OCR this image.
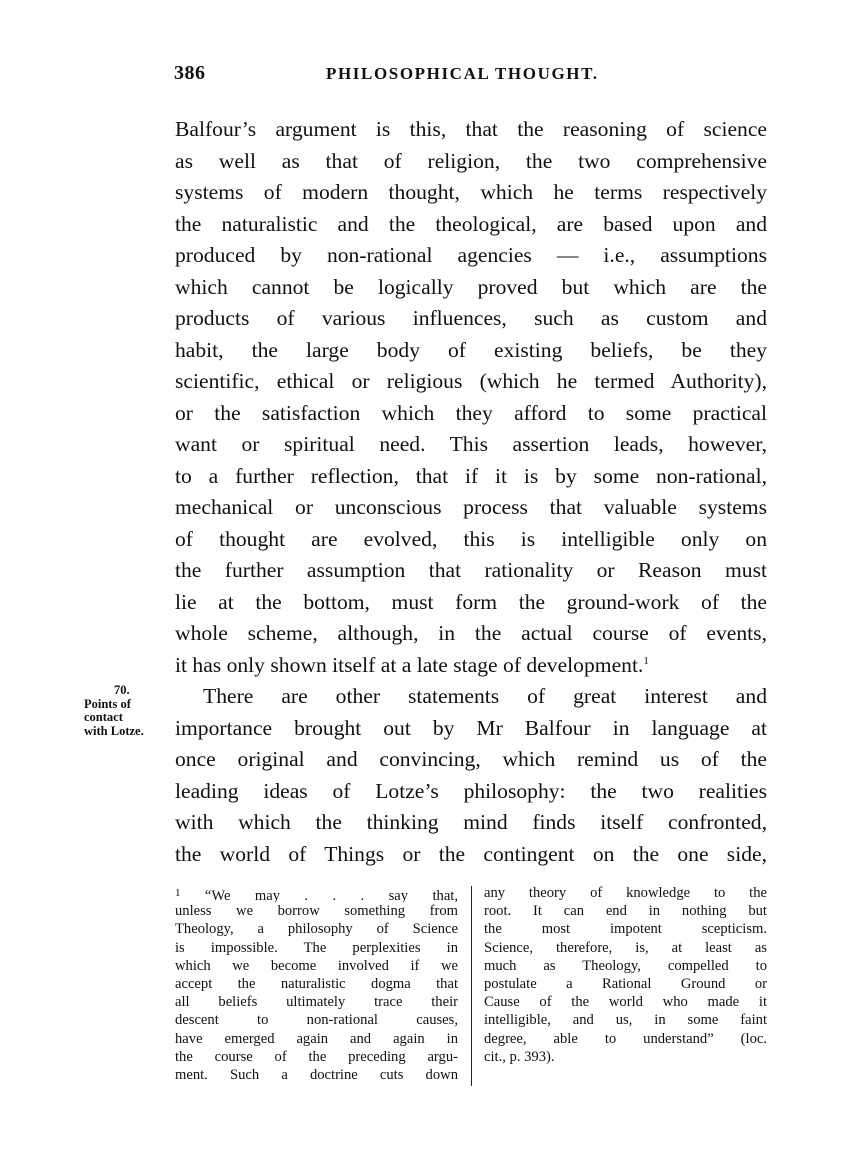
386	PHILOSOPHICAL THOUGHT.
Balfour’s argument is this, that the reasoning of science
as well as that of religion, the two comprehensive
systems of modern thought, which he terms respectively
the naturalistic and the theological, are based upon and
produced by non-rational agencies — i.e., assumptions
which cannot be logically proved but which are the
products of various influences, such as custom and
habit, the large body of existing beliefs, be they
scientific, ethical or religious (which he termed Authority),
or the satisfaction which they afford to some practical
want or spiritual need. This assertion leads, however,
to a further reflection, that if it is by some non-rational,
mechanical or unconscious process that valuable systems
of thought are evolved, this is intelligible only on
the further assumption that rationality or Reason must
lie at the bottom, must form the ground-work of the
whole scheme, although, in the actual course of events,
it has only shown itself at a late stage of development.$^1$
There are other statements of great interest and
importance brought out by Mr Balfour in language at
once original and convincing, which remind us of the
leading ideas of Lotze’s philosophy: the two realities
with which the thinking mind finds itself confronted,
the world of Things or the contingent on the one side,
70.
Points of
contact
with Lotze.
$^1$ “We may . . . say that,
unless we borrow something from
Theology, a philosophy of Science
is impossible. The perplexities in
which we become involved if we
accept the naturalistic dogma that
all beliefs ultimately trace their
descent to non-rational causes,
have emerged again and again in
the course of the preceding argu-
ment. Such a doctrine cuts down
any theory of knowledge to the
root. It can end in nothing but
the most impotent scepticism.
Science, therefore, is, at least as
much as Theology, compelled to
postulate a Rational Ground or
Cause of the world who made it
intelligible, and us, in some faint
degree, able to understand” (loc.
cit., p. 393).
